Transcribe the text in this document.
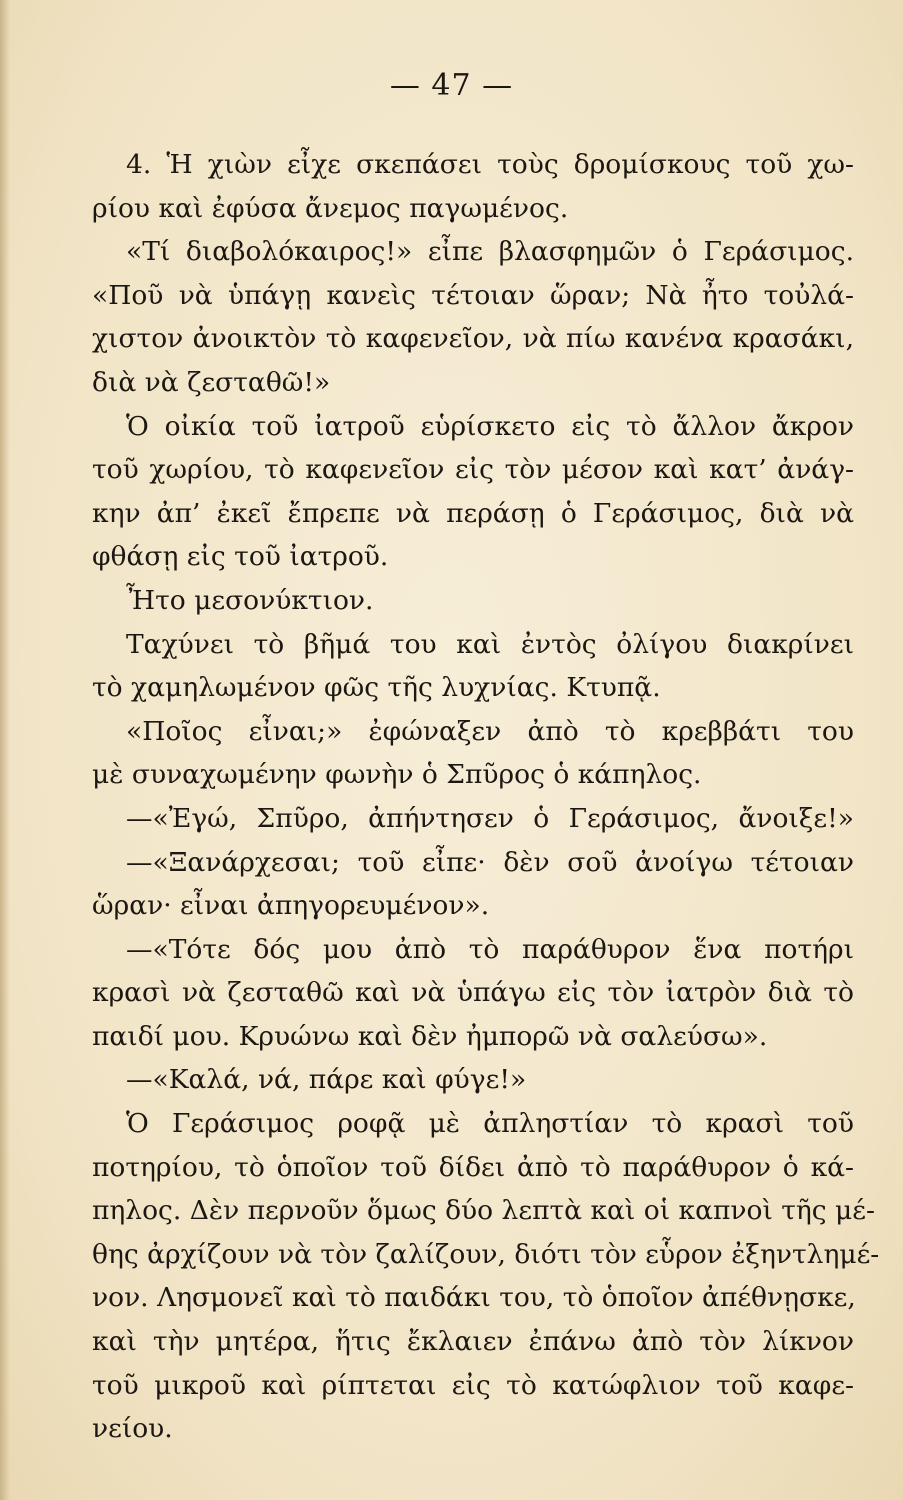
— 47 —
4. Ἡ χιὼν εἶχε σκεπάσει τοὺς δρομίσκους τοῦ χω-
ρίου καὶ ἐφύσα ἄνεμος παγωμένος.
«Τί διαβολόκαιρος!» εἶπε βλασφημῶν ὁ Γεράσιμος.
«Ποῦ νὰ ὑπάγῃ κανεὶς τέτοιαν ὥραν; Νὰ ἦτο τοὐλά-
χιστον ἀνοικτὸν τὸ καφενεῖον, νὰ πίω κανένα κρασάκι,
διὰ νὰ ζεσταθῶ!»
Ὁ οἰκία τοῦ ἰατροῦ εὑρίσκετο εἰς τὸ ἄλλον ἄκρον
τοῦ χωρίου, τὸ καφενεῖον εἰς τὸν μέσον καὶ κατ’ ἀνάγ-
κην ἀπ’ ἐκεῖ ἔπρεπε νὰ περάσῃ ὁ Γεράσιμος, διὰ νὰ
φθάσῃ εἰς τοῦ ἰατροῦ.
Ἦτο μεσονύκτιον.
Ταχύνει τὸ βῆμά του καὶ ἐντὸς ὀλίγου διακρίνει
τὸ χαμηλωμένον φῶς τῆς λυχνίας. Κτυπᾷ.
«Ποῖος εἶναι;» ἐφώναξεν ἀπὸ τὸ κρεββάτι του
μὲ συναχωμένην φωνὴν ὁ Σπῦρος ὁ κάπηλος.
—«Ἐγώ, Σπῦρο, ἀπήντησεν ὁ Γεράσιμος, ἄνοιξε!»
—«Ξανάρχεσαι; τοῦ εἶπε· δὲν σοῦ ἀνοίγω τέτοιαν
ὥραν· εἶναι ἀπηγορευμένον».
—«Τότε δός μου ἀπὸ τὸ παράθυρον ἕνα ποτήρι
κρασὶ νὰ ζεσταθῶ καὶ νὰ ὑπάγω εἰς τὸν ἰατρὸν διὰ τὸ
παιδί μου. Κρυώνω καὶ δὲν ἠμπορῶ νὰ σαλεύσω».
—«Καλά, νά, πάρε καὶ φύγε!»
Ὁ Γεράσιμος ροφᾷ μὲ ἀπληστίαν τὸ κρασὶ τοῦ
ποτηρίου, τὸ ὁποῖον τοῦ δίδει ἀπὸ τὸ παράθυρον ὁ κά-
πηλος. Δὲν περνοῦν ὅμως δύο λεπτὰ καὶ οἱ καπνοὶ τῆς μέ-
θης ἀρχίζουν νὰ τὸν ζαλίζουν, διότι τὸν εὗρον ἐξηντλημέ-
νον. Λησμονεῖ καὶ τὸ παιδάκι του, τὸ ὁποῖον ἀπέθνῃσκε,
καὶ τὴν μητέρα, ἥτις ἔκλαιεν ἐπάνω ἀπὸ τὸν λίκνον
τοῦ μικροῦ καὶ ρίπτεται εἰς τὸ κατώφλιον τοῦ καφε-
νείου.
